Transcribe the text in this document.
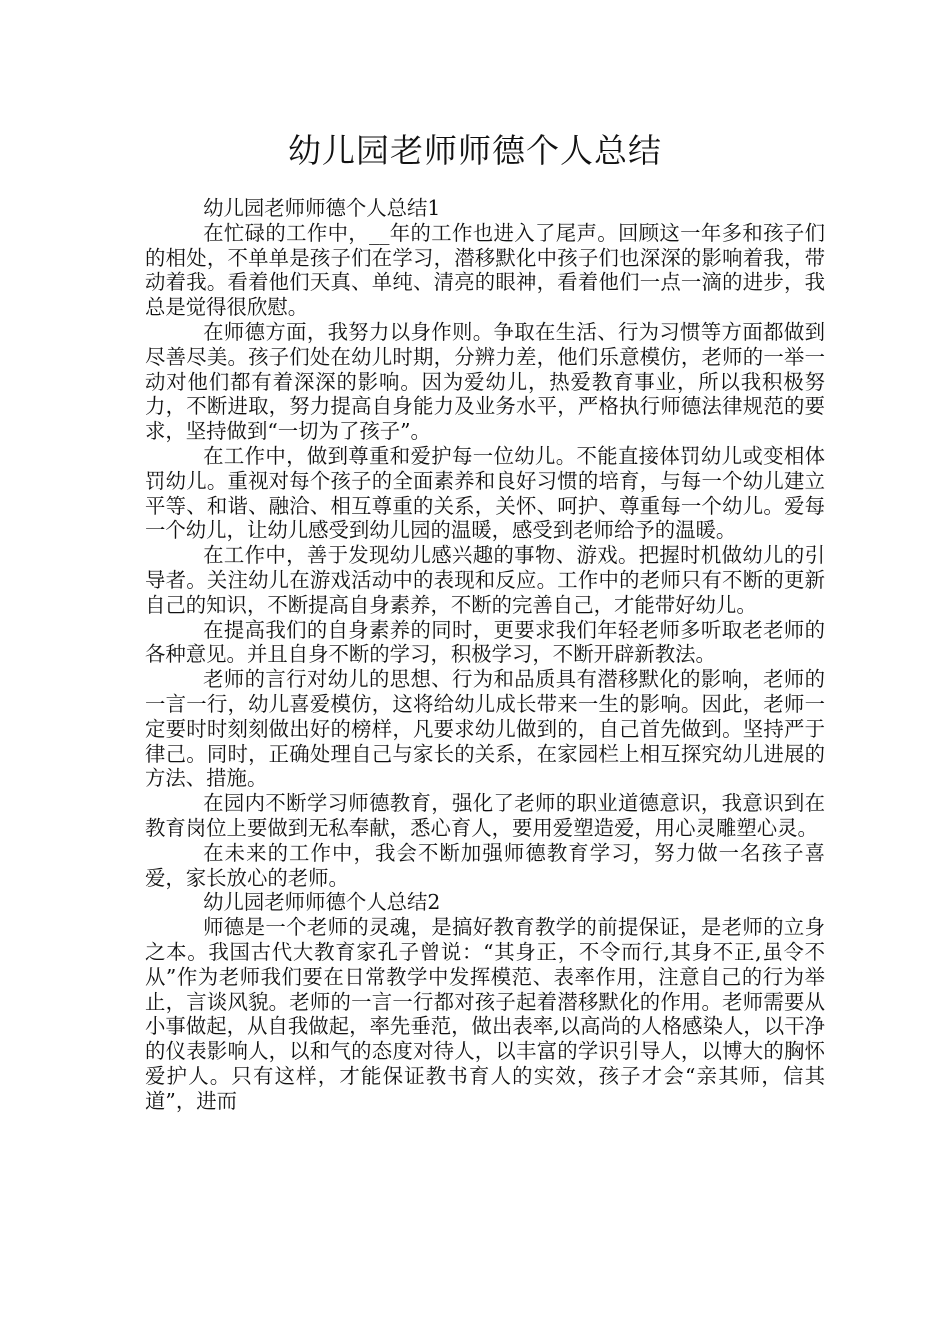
幼儿园老师师德个人总结

幼儿园老师师德个人总结1

在忙碌的工作中，__年的工作也进入了尾声。回顾这一年多和孩子们的相处，不单单是孩子们在学习，潜移默化中孩子们也深深的影响着我，带动着我。看着他们天真、单纯、清亮的眼神，看着他们一点一滴的进步，我总是觉得很欣慰。

在师德方面，我努力以身作则。争取在生活、行为习惯等方面都做到尽善尽美。孩子们处在幼儿时期，分辨力差，他们乐意模仿，老师的一举一动对他们都有着深深的影响。因为爱幼儿，热爱教育事业，所以我积极努力，不断进取，努力提高自身能力及业务水平，严格执行师德法律规范的要求，坚持做到“一切为了孩子”。

在工作中，做到尊重和爱护每一位幼儿。不能直接体罚幼儿或变相体罚幼儿。重视对每个孩子的全面素养和良好习惯的培育，与每一个幼儿建立平等、和谐、融洽、相互尊重的关系，关怀、呵护、尊重每一个幼儿。爱每一个幼儿，让幼儿感受到幼儿园的温暖，感受到老师给予的温暖。

在工作中，善于发现幼儿感兴趣的事物、游戏。把握时机做幼儿的引导者。关注幼儿在游戏活动中的表现和反应。工作中的老师只有不断的更新自己的知识，不断提高自身素养，不断的完善自己，才能带好幼儿。

在提高我们的自身素养的同时，更要求我们年轻老师多听取老老师的各种意见。并且自身不断的学习，积极学习，不断开辟新教法。

老师的言行对幼儿的思想、行为和品质具有潜移默化的影响，老师的一言一行，幼儿喜爱模仿，这将给幼儿成长带来一生的影响。因此，老师一定要时时刻刻做出好的榜样，凡要求幼儿做到的，自己首先做到。坚持严于律己。同时，正确处理自己与家长的关系，在家园栏上相互探究幼儿进展的方法、措施。

在园内不断学习师德教育，强化了老师的职业道德意识，我意识到在教育岗位上要做到无私奉献，悉心育人，要用爱塑造爱，用心灵雕塑心灵。

在未来的工作中，我会不断加强师德教育学习，努力做一名孩子喜爱，家长放心的老师。

幼儿园老师师德个人总结2

师德是一个老师的灵魂，是搞好教育教学的前提保证，是老师的立身之本。我国古代大教育家孔子曾说：“其身正，不令而行,其身不正,虽令不从”作为老师我们要在日常教学中发挥模范、表率作用，注意自己的行为举止，言谈风貌。老师的一言一行都对孩子起着潜移默化的作用。老师需要从小事做起，从自我做起，率先垂范，做出表率,以高尚的人格感染人，以干净的仪表影响人，以和气的态度对待人，以丰富的学识引导人，以博大的胸怀爱护人。只有这样，才能保证教书育人的实效，孩子才会“亲其师，信其道”，进而
